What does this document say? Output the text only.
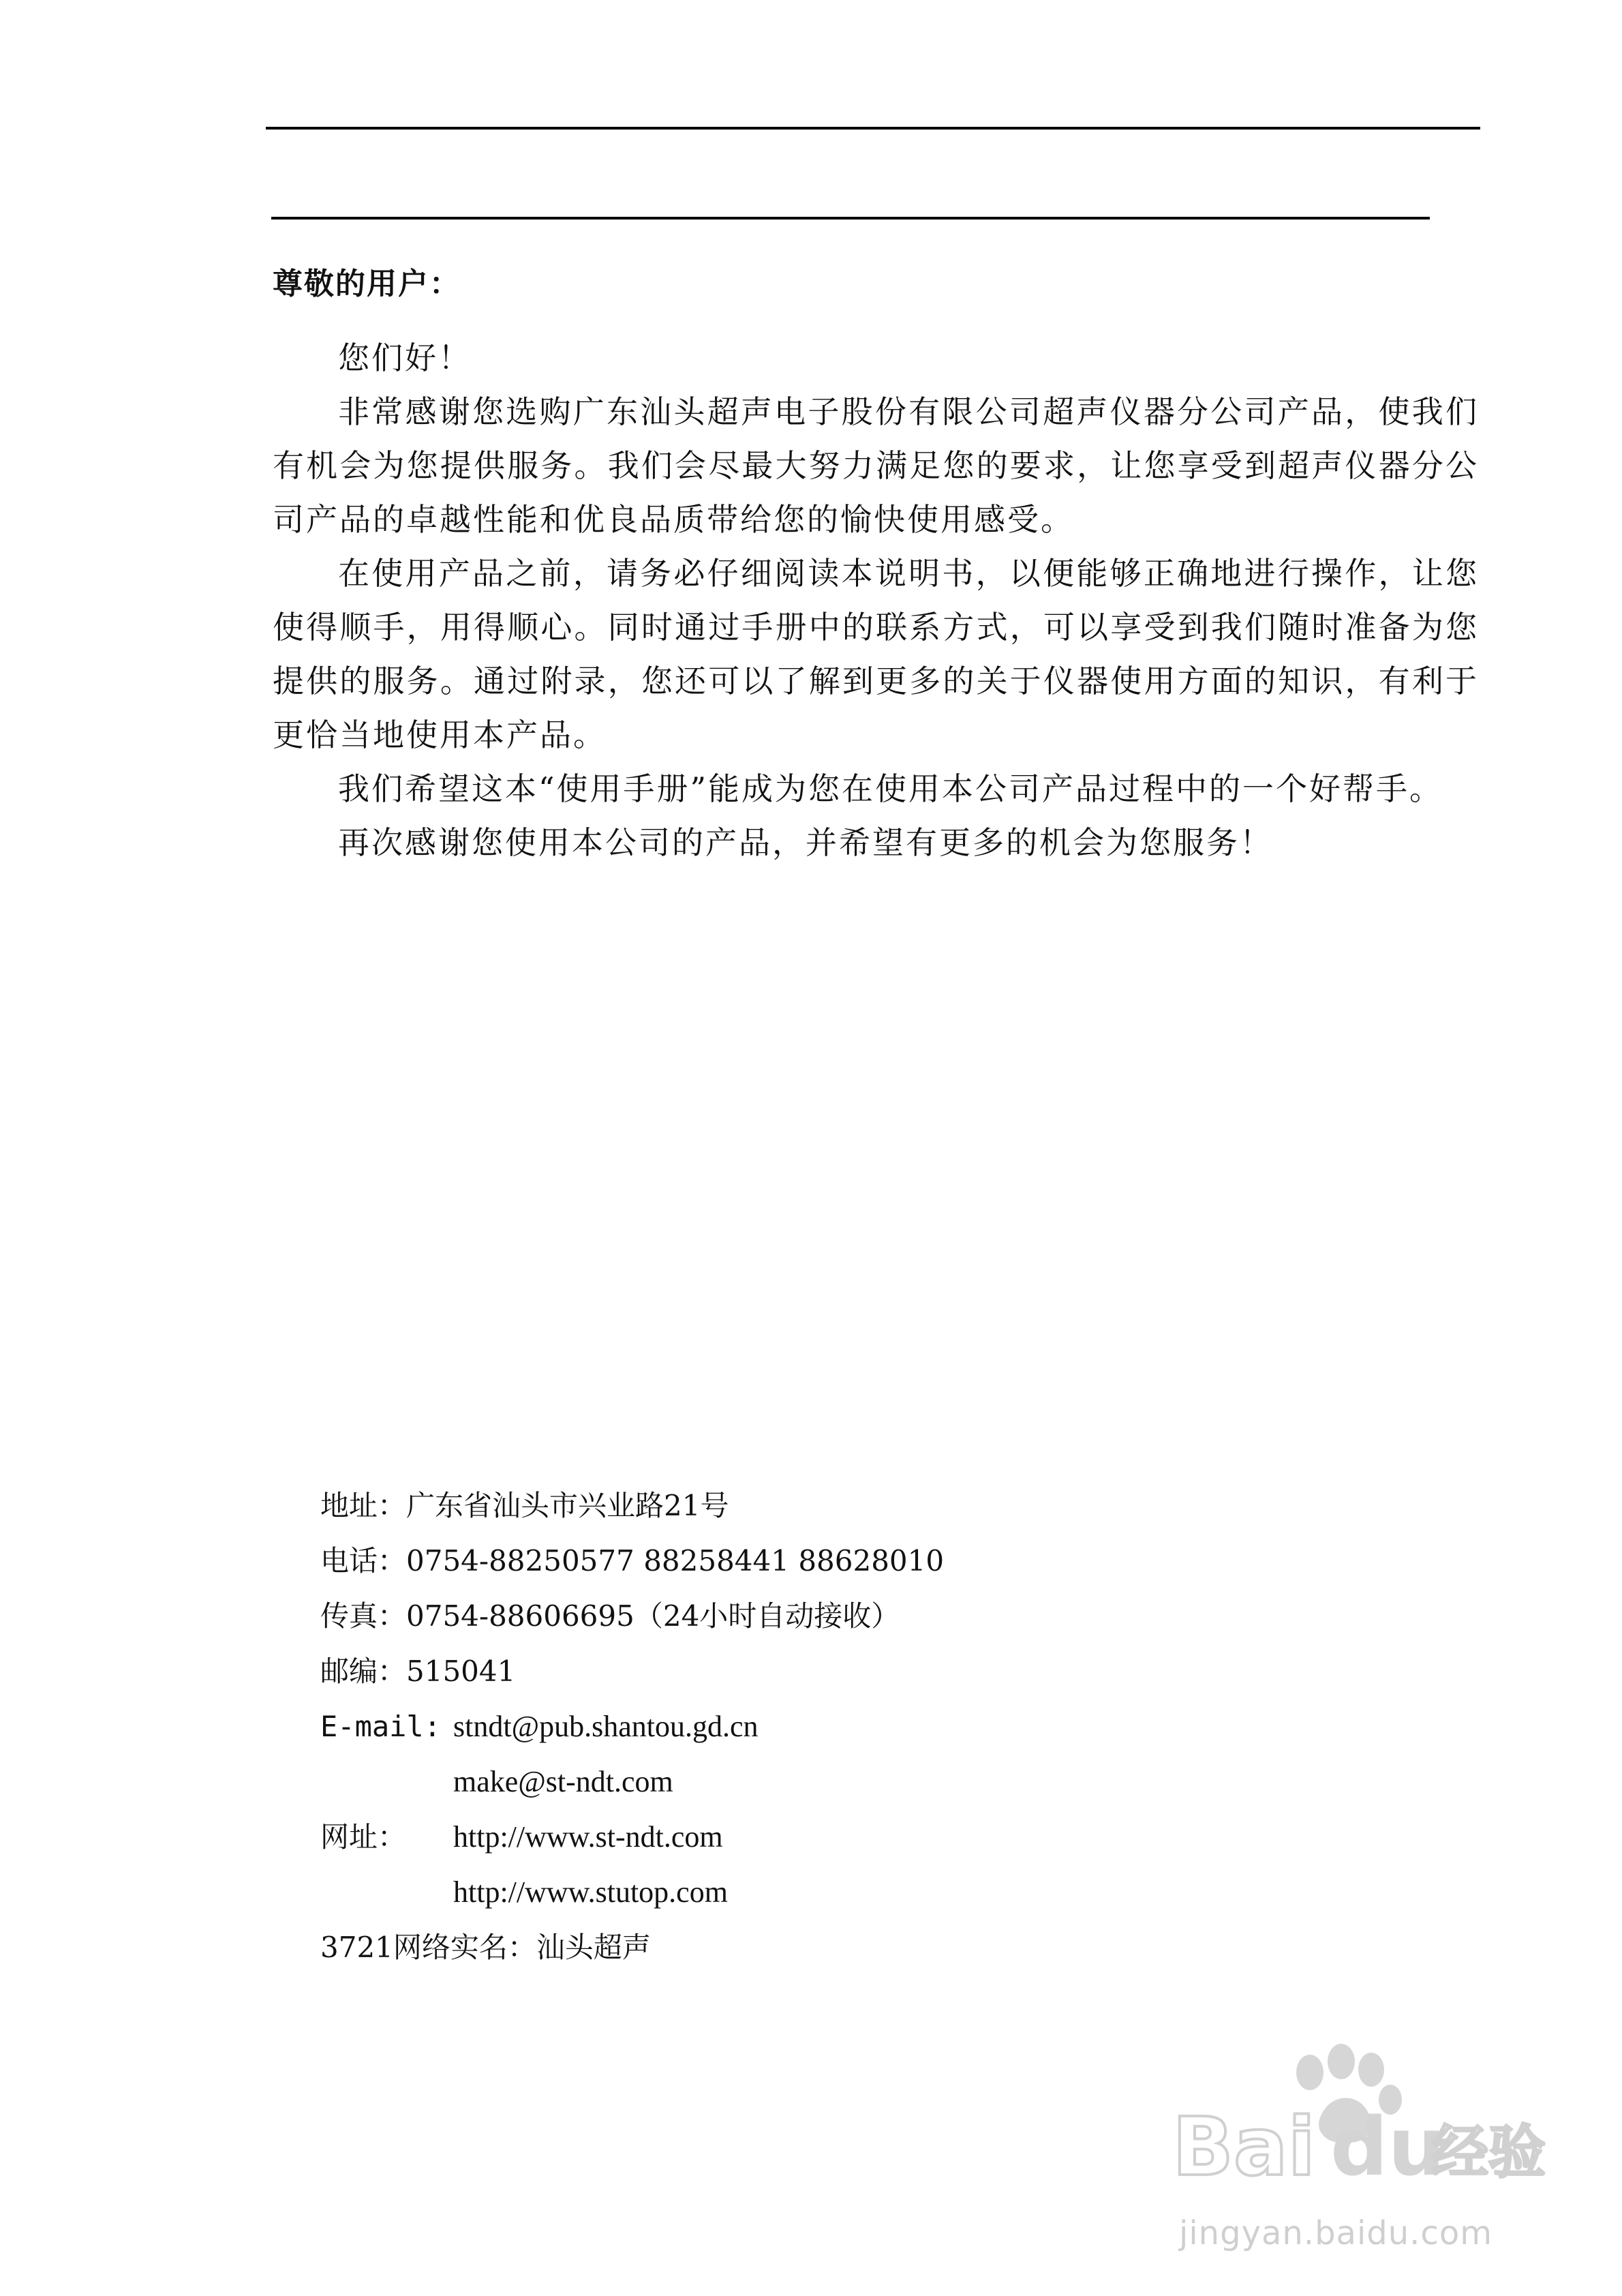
尊敬的用户：

您们好！

非常感谢您选购广东汕头超声电子股份有限公司超声仪器分公司产品，使我们有机会为您提供服务。我们会尽最大努力满足您的要求，让您享受到超声仪器分公司产品的卓越性能和优良品质带给您的愉快使用感受。

在使用产品之前，请务必仔细阅读本说明书，以便能够正确地进行操作，让您使得顺手，用得顺心。同时通过手册中的联系方式，可以享受到我们随时准备为您提供的服务。通过附录，您还可以了解到更多的关于仪器使用方面的知识，有利于更恰当地使用本产品。

我们希望这本“使用手册”能成为您在使用本公司产品过程中的一个好帮手。

再次感谢您使用本公司的产品，并希望有更多的机会为您服务！

地址：广东省汕头市兴业路21号
电话：0754-88250577 88258441 88628010
传真：0754-88606695（24小时自动接收）
邮编：515041
E-mail: stndt@pub.shantou.gd.cn
make@st-ndt.com
网址： http://www.st-ndt.com
http://www.stutop.com
3721网络实名：汕头超声
Bai du
经验
jingyan.baidu.com
